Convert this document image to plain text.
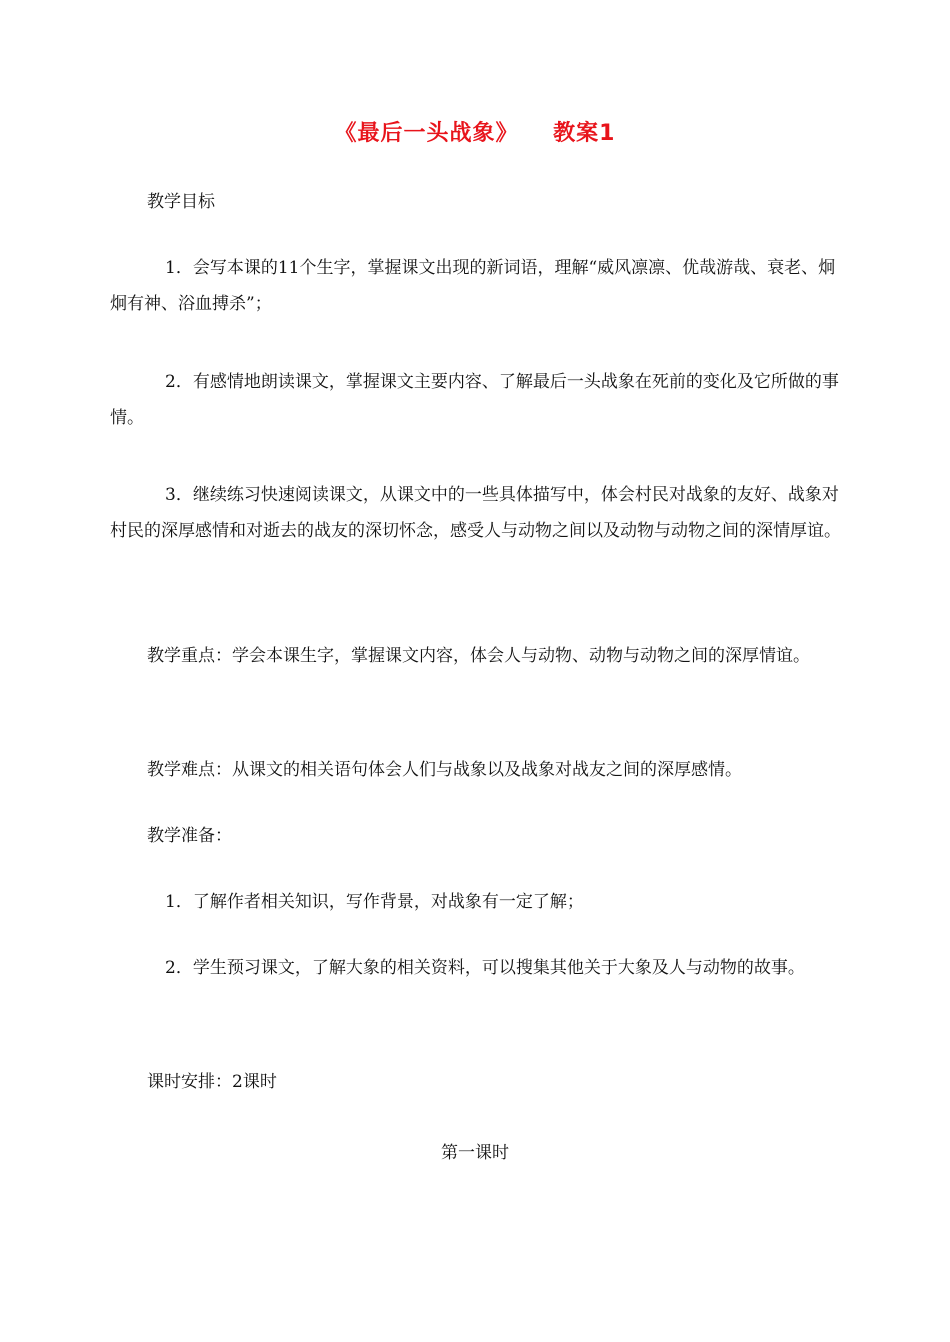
《最后一头战象》    教案1

教学目标

1．会写本课的11个生字，掌握课文出现的新词语，理解“威风凛凛、优哉游哉、衰老、炯炯有神、浴血搏杀”；

2．有感情地朗读课文，掌握课文主要内容、了解最后一头战象在死前的变化及它所做的事情。

3．继续练习快速阅读课文，从课文中的一些具体描写中，体会村民对战象的友好、战象对村民的深厚感情和对逝去的战友的深切怀念，感受人与动物之间以及动物与动物之间的深情厚谊。

教学重点：学会本课生字，掌握课文内容，体会人与动物、动物与动物之间的深厚情谊。

教学难点：从课文的相关语句体会人们与战象以及战象对战友之间的深厚感情。

教学准备：

1．了解作者相关知识，写作背景，对战象有一定了解；

2．学生预习课文，了解大象的相关资料，可以搜集其他关于大象及人与动物的故事。

课时安排：2课时

第一课时
